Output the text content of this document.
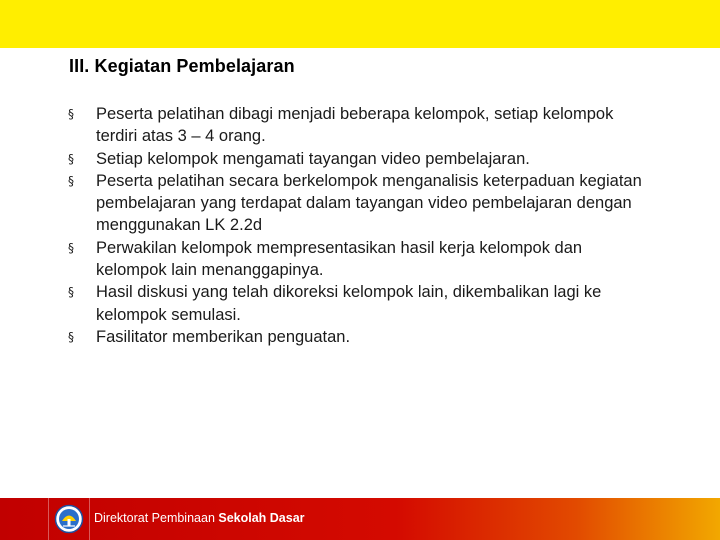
III. Kegiatan Pembelajaran
§	Peserta pelatihan dibagi menjadi beberapa kelompok, setiap kelompok terdiri atas 3 – 4 orang.
§	Setiap kelompok mengamati tayangan video pembelajaran.
§	Peserta pelatihan secara berkelompok menganalisis keterpaduan kegiatan pembelajaran yang terdapat dalam tayangan video pembelajaran dengan menggunakan LK 2.2d
§	Perwakilan kelompok mempresentasikan hasil kerja kelompok dan kelompok lain menanggapinya.
§	Hasil diskusi yang telah dikoreksi kelompok lain, dikembalikan lagi ke kelompok semulasi.
§	Fasilitator memberikan penguatan.
Direktorat Pembinaan Sekolah Dasar
